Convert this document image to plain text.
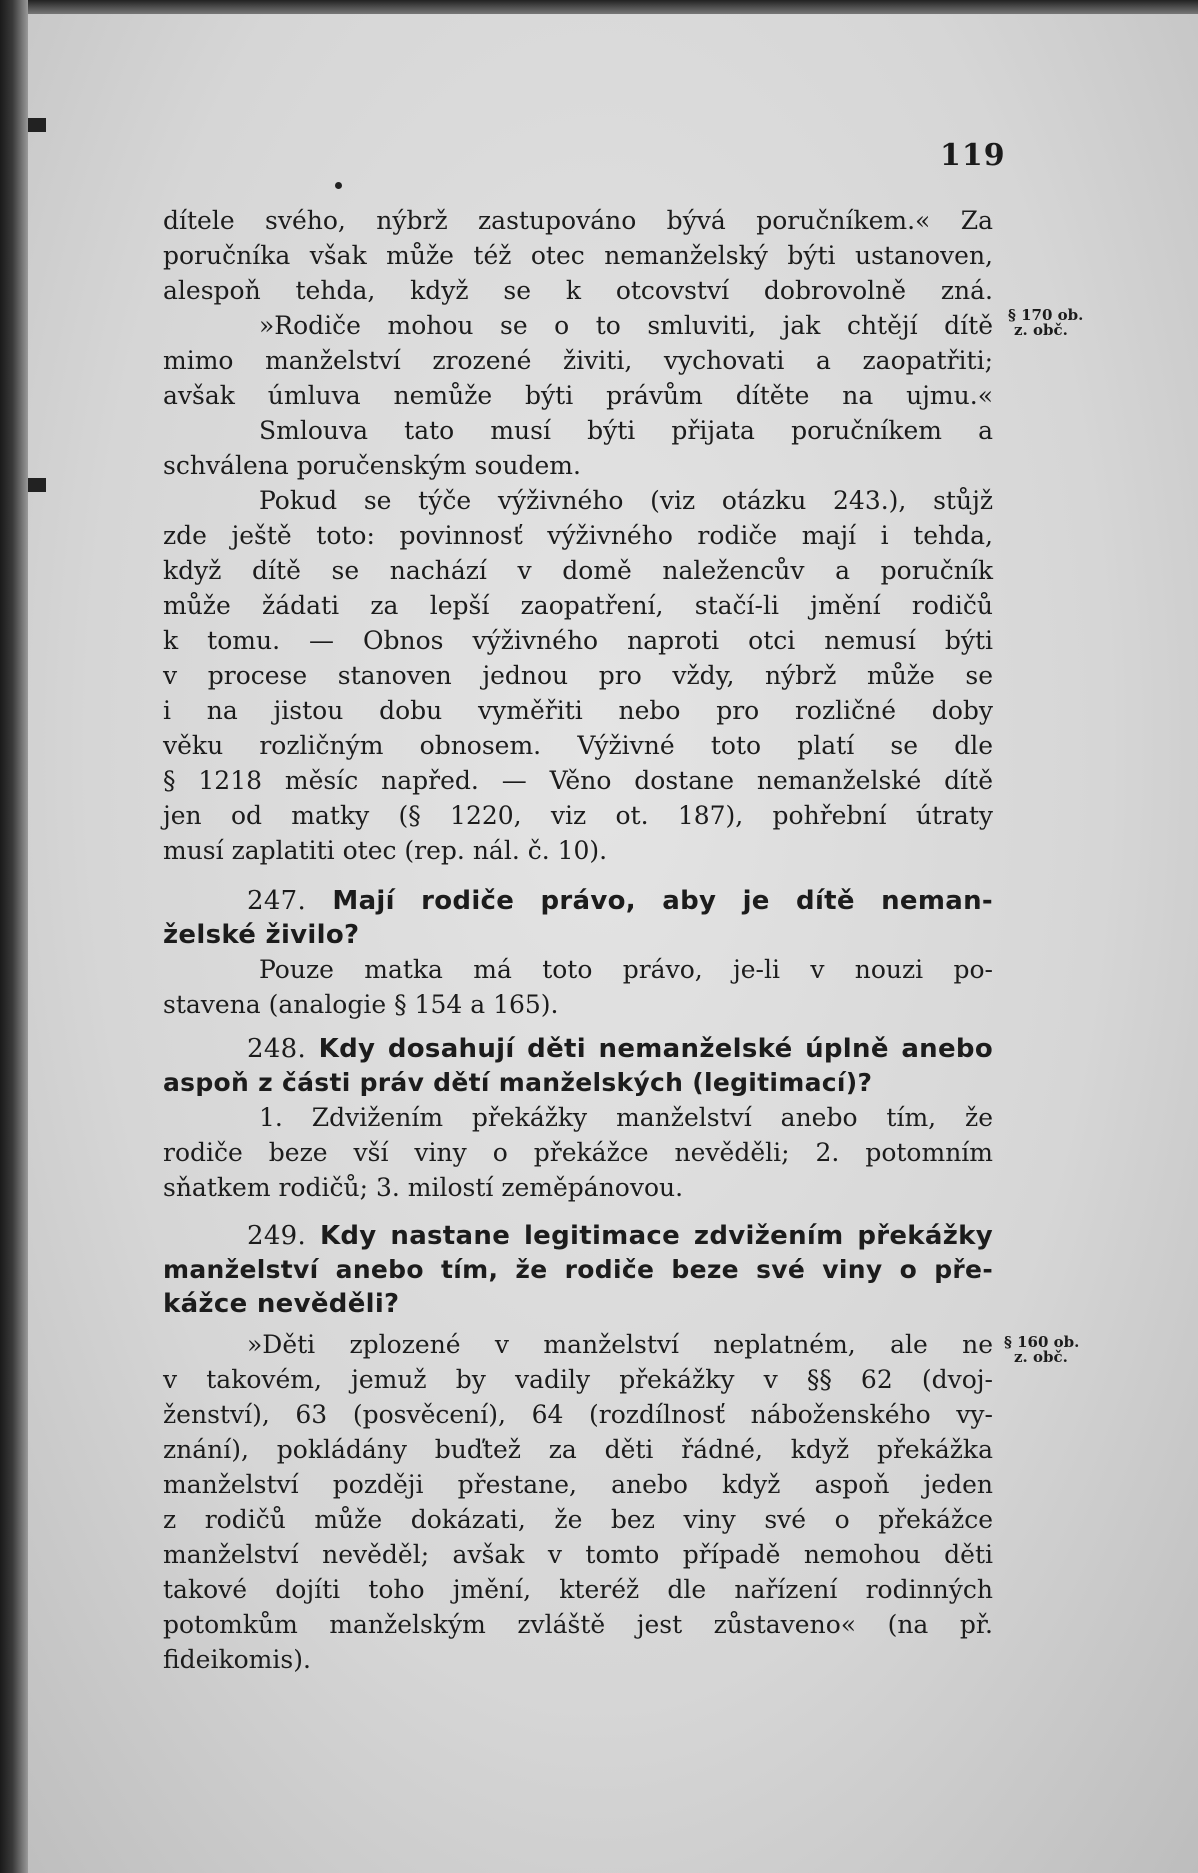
119
§ 170 ob.
z. obč.
§ 160 ob.
z. obč.
dítele svého, nýbrž zastupováno bývá poručníkem.« Za
poručníka však může též otec nemanželský býti ustanoven,
alespoň tehda, když se k otcovství dobrovolně zná.
»Rodiče mohou se o to smluviti, jak chtějí dítě
mimo manželství zrozené živiti, vychovati a zaopatřiti;
avšak úmluva nemůže býti právům dítěte na ujmu.«
Smlouva tato musí býti přijata poručníkem a
schválena poručenským soudem.
Pokud se týče výživného (viz otázku 243.), stůjž
zde ještě toto: povinnosť výživného rodiče mají i tehda,
když dítě se nachází v domě naležencův a poručník
může žádati za lepší zaopatření, stačí-li jmění rodičů
k tomu. — Obnos výživného naproti otci nemusí býti
v procese stanoven jednou pro vždy, nýbrž může se
i na jistou dobu vyměřiti nebo pro rozličné doby
věku rozličným obnosem. Výživné toto platí se dle
§ 1218 měsíc napřed. — Věno dostane nemanželské dítě
jen od matky (§ 1220, viz ot. 187), pohřební útraty
musí zaplatiti otec (rep. nál. č. 10).
247. Mají rodiče právo, aby je dítě neman-
želské živilo?
Pouze matka má toto právo, je-li v nouzi po-
stavena (analogie § 154 a 165).
248. Kdy dosahují děti nemanželské úplně anebo
aspoň z části práv dětí manželských (legitimací)?
1. Zdvižením překážky manželství anebo tím, že
rodiče beze vší viny o překážce nevěděli; 2. potomním
sňatkem rodičů; 3. milostí zeměpánovou.
249. Kdy nastane legitimace zdvižením překážky
manželství anebo tím, že rodiče beze své viny o pře-
kážce nevěděli?
»Děti zplozené v manželství neplatném, ale ne
v takovém, jemuž by vadily překážky v §§ 62 (dvoj-
ženství), 63 (posvěcení), 64 (rozdílnosť náboženského vy-
znání), pokládány buďtež za děti řádné, když překážka
manželství později přestane, anebo když aspoň jeden
z rodičů může dokázati, že bez viny své o překážce
manželství nevěděl; avšak v tomto případě nemohou děti
takové dojíti toho jmění, kteréž dle nařízení rodinných
potomkům manželským zvláště jest zůstaveno« (na př.
fideikomis).
